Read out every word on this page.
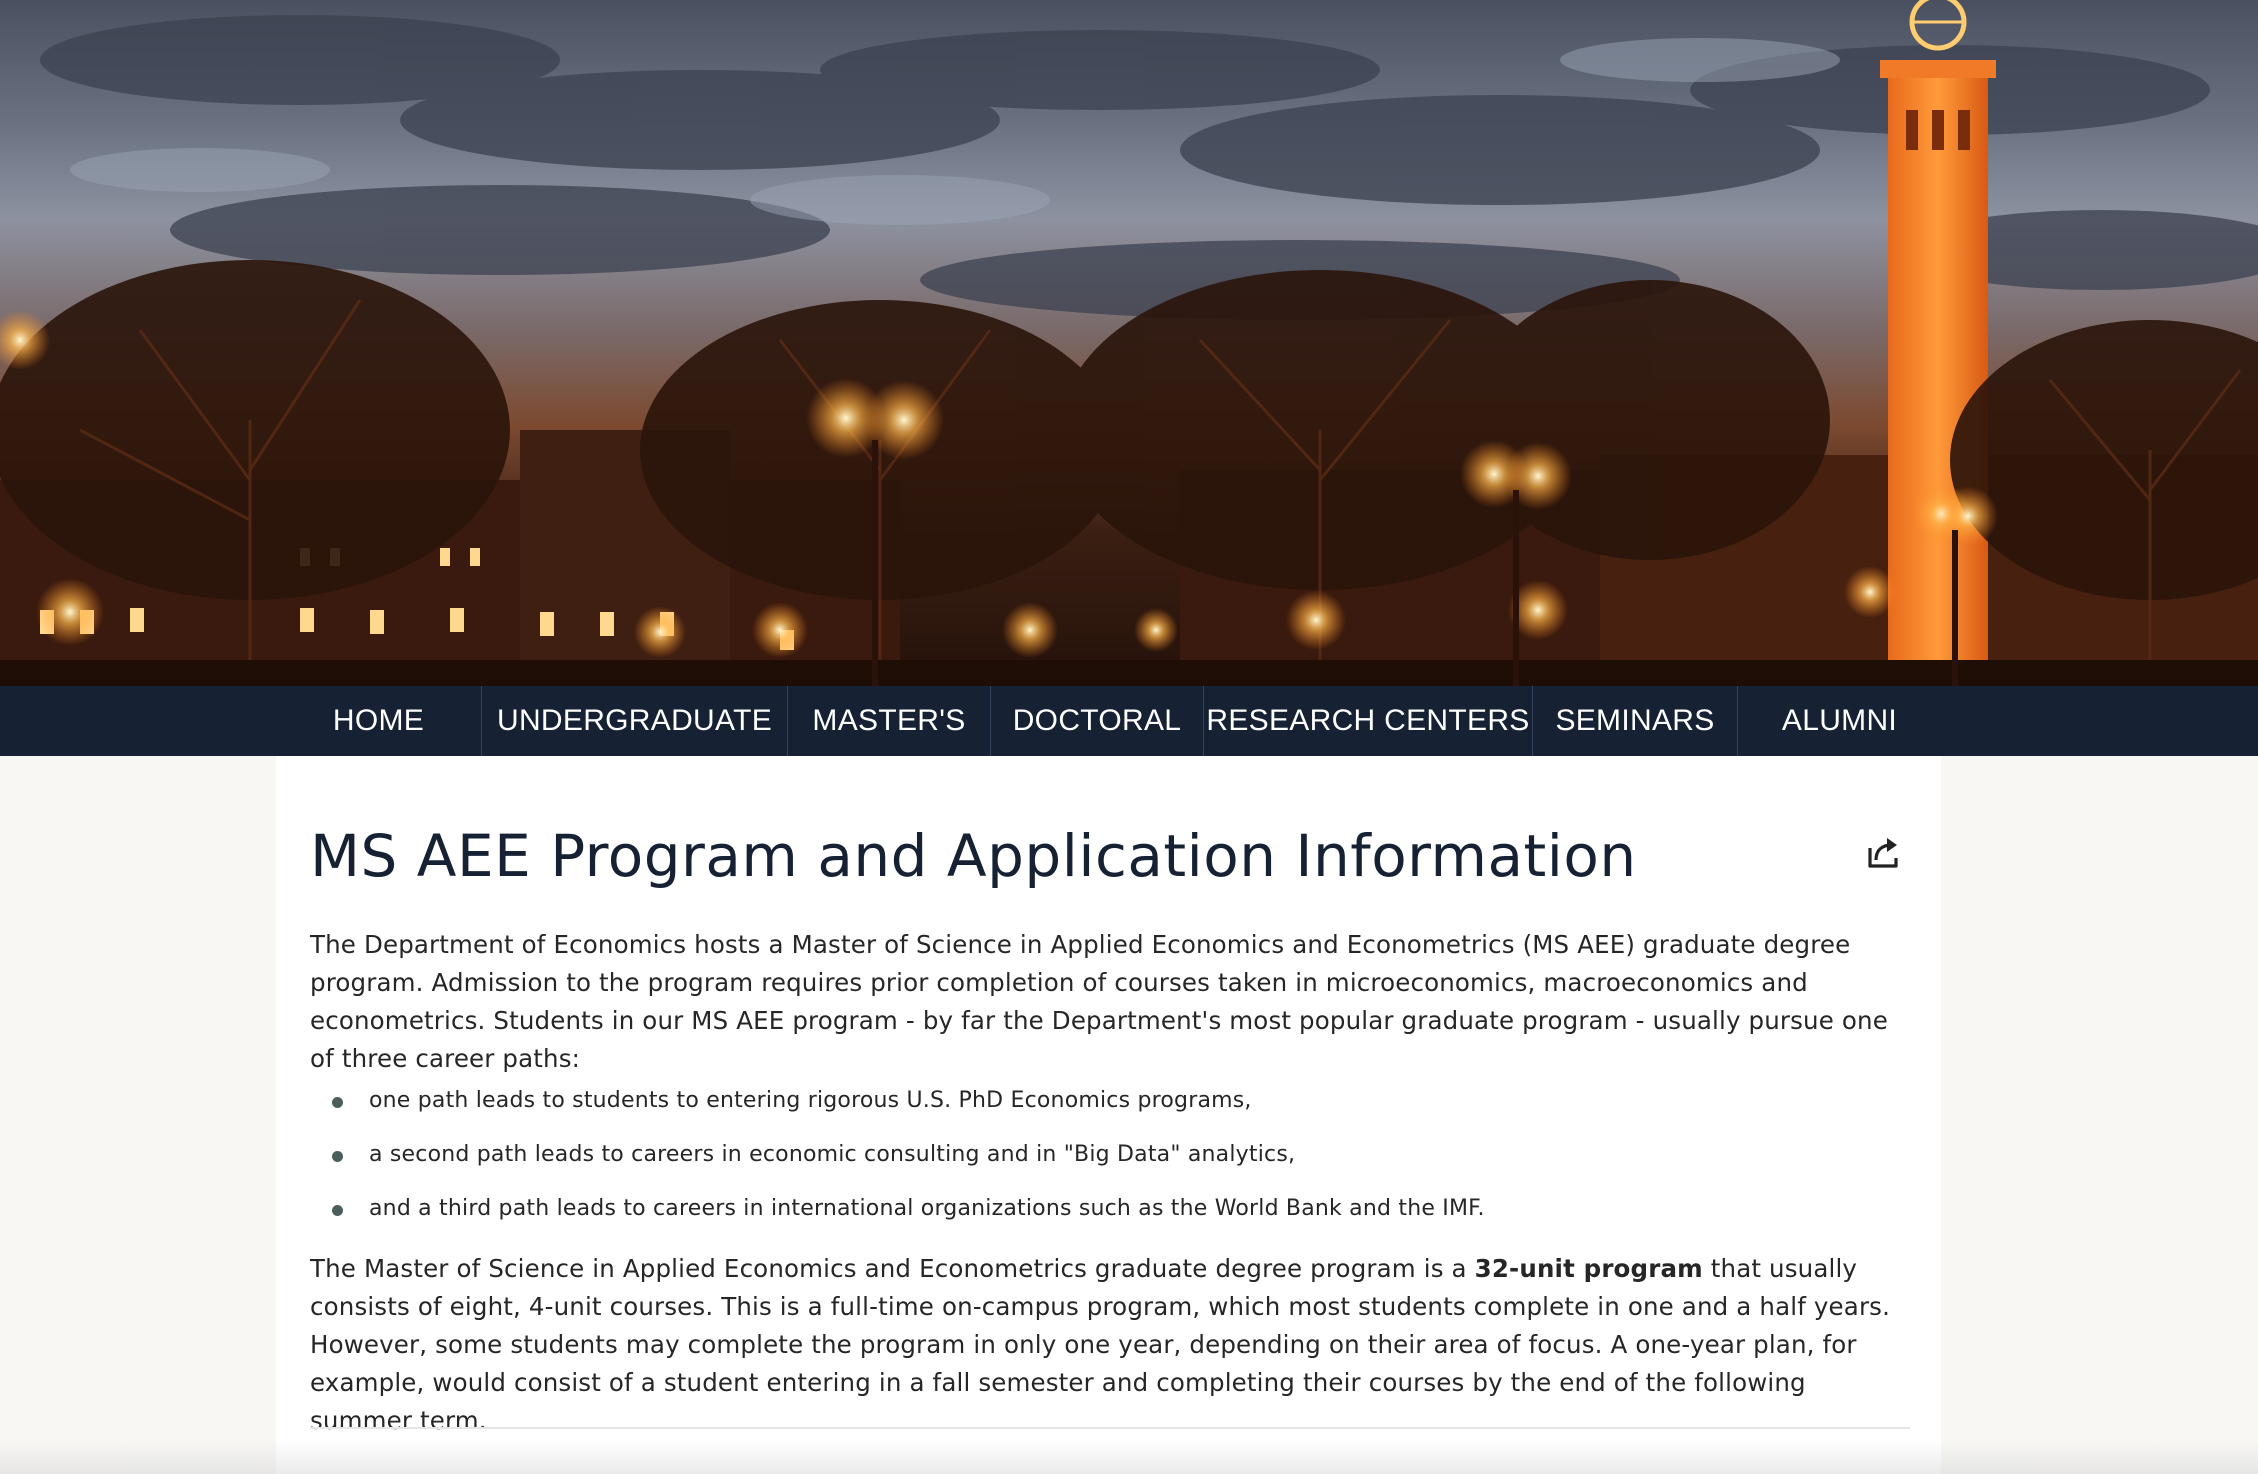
HOME	UNDERGRADUATE	MASTER'S	DOCTORAL RESEARCH CENTERS SEMINARS	ALUMNI
MS AEE Program and Application Information

The Department of Economics hosts a Master of Science in Applied Economics and Econometrics (MS AEE) graduate degree program. Admission to the program requires prior completion of courses taken in microeconomics, macroeconomics and econometrics. Students in our MS AEE program - by far the Department's most popular graduate program - usually pursue one of three career paths:

one path leads to students to entering rigorous U.S. PhD Economics programs,
a second path leads to careers in economic consulting and in "Big Data" analytics,
and a third path leads to careers in international organizations such as the World Bank and the IMF.

The Master of Science in Applied Economics and Econometrics graduate degree program is a 32-unit program that usually consists of eight, 4-unit courses. This is a full-time on-campus program, which most students complete in one and a half years. However, some students may complete the program in only one year, depending on their area of focus. A one-year plan, for example, would consist of a student entering in a fall semester and completing their courses by the end of the following summer term.
